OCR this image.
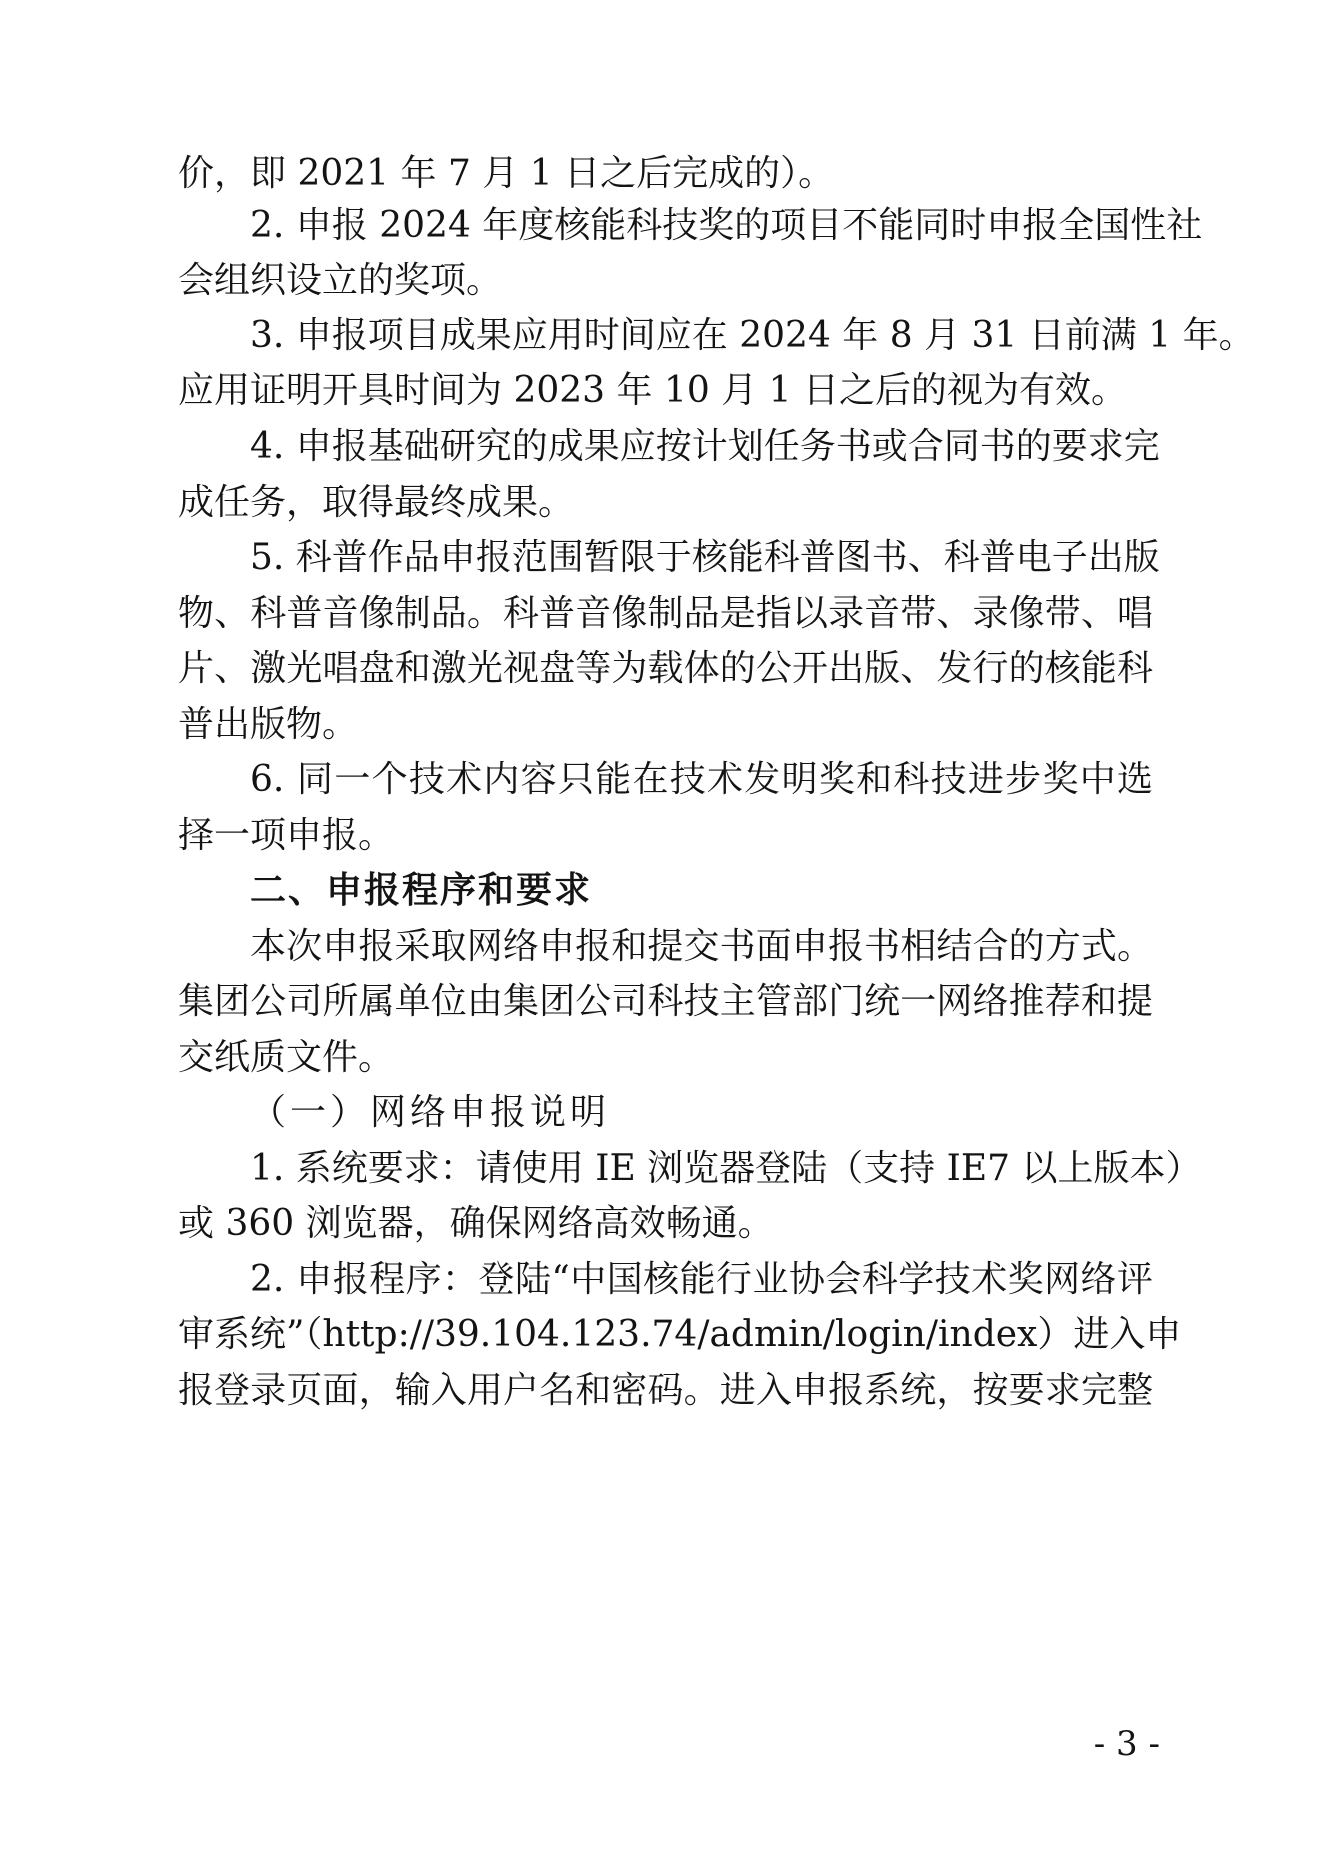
价，即 2021 年 7 月 1 日之后完成的）。
2. 申报 2024 年度核能科技奖的项目不能同时申报全国性社
会组织设立的奖项。
3. 申报项目成果应用时间应在 2024 年 8 月 31 日前满 1 年。
应用证明开具时间为 2023 年 10 月 1 日之后的视为有效。
4. 申报基础研究的成果应按计划任务书或合同书的要求完
成任务，取得最终成果。
5. 科普作品申报范围暂限于核能科普图书、科普电子出版
物、科普音像制品。科普音像制品是指以录音带、录像带、唱
片、激光唱盘和激光视盘等为载体的公开出版、发行的核能科
普出版物。
6. 同一个技术内容只能在技术发明奖和科技进步奖中选
择一项申报。
二、申报程序和要求
本次申报采取网络申报和提交书面申报书相结合的方式。
集团公司所属单位由集团公司科技主管部门统一网络推荐和提
交纸质文件。
（一）网络申报说明
1. 系统要求：请使用 IE 浏览器登陆（支持 IE7 以上版本）
或 360 浏览器，确保网络高效畅通。
2. 申报程序：登陆“中国核能行业协会科学技术奖网络评
审系统”（http://39.104.123.74/admin/login/index）进入申
报登录页面，输入用户名和密码。进入申报系统，按要求完整
- 3 -
